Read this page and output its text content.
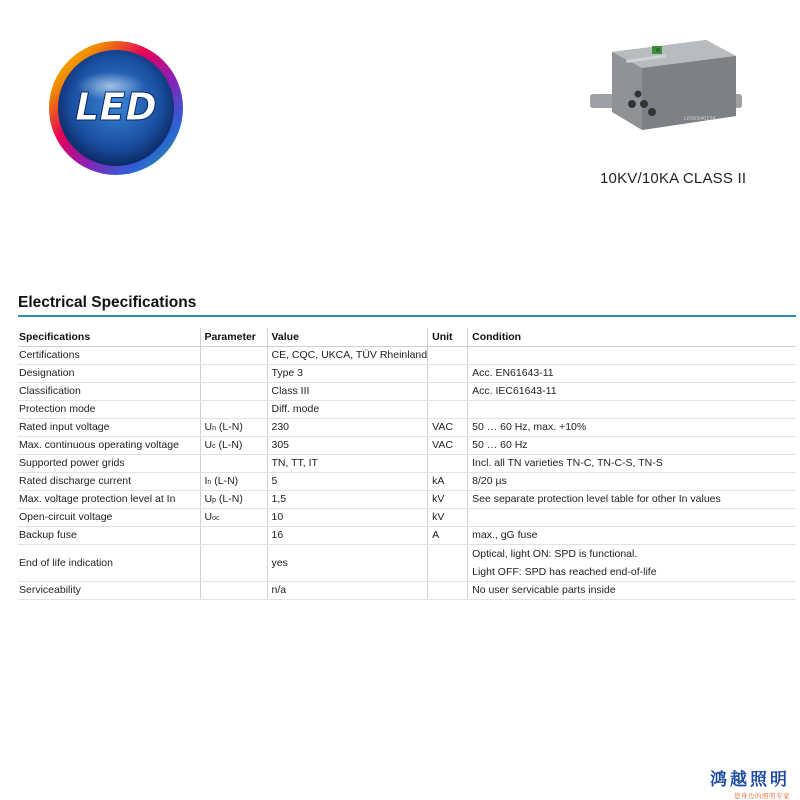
LED	LINSIS4010A
10KV/10KA CLASS II
Electrical Specifications
Specifications	Parameter	Value	Unit	Condition
Certifications		CE, CQC, UKCA, TÜV Rheinland		
Designation		Type 3		Acc. EN61643-11
Classification		Class III		Acc. IEC61643-11
Protection mode		Diff. mode		
Rated input voltage	Un (L-N)	230	VAC	50 … 60 Hz, max. +10%
Max. continuous operating voltage	Uc (L-N)	305	VAC	50 … 60 Hz
Supported power grids		TN, TT, IT		Incl. all TN varieties TN-C, TN-C-S, TN-S
Rated discharge current	In (L-N)	5	kA	8/20 µs
Max. voltage protection level at In	Up (L-N)	1,5	kV	See separate protection level table for other In values
Open-circuit voltage	Uoc	10	kV	
Backup fuse		16	A	max., gG fuse
End of life indication		yes		Optical, light ON: SPD is functional.
Light OFF: SPD has reached end-of-life

Serviceability		n/a		No user servicable parts inside
鸿越照明
您身边的照明专家
